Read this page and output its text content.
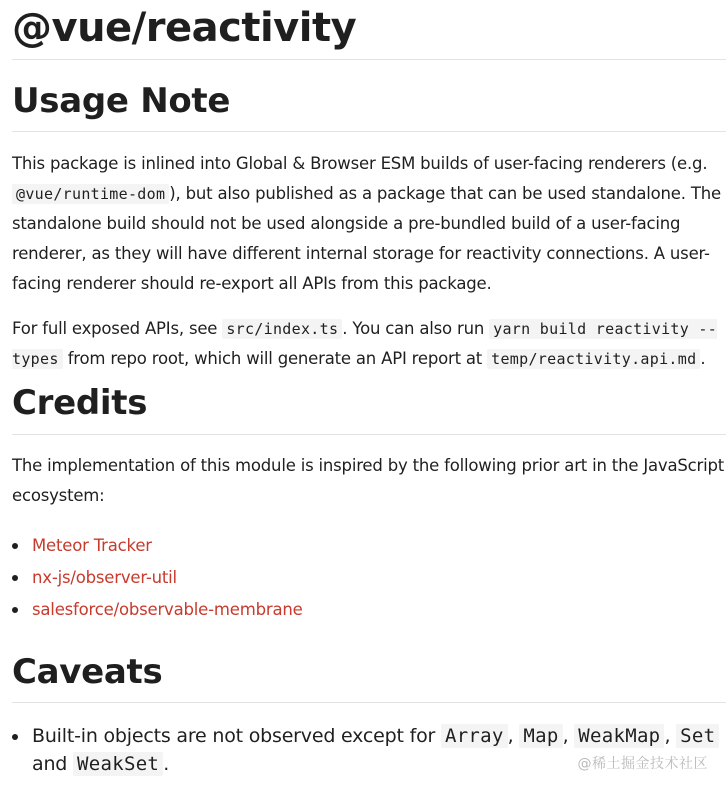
@vue/reactivity
Usage Note

This package is inlined into Global & Browser ESM builds of user-facing renderers (e.g. @vue/runtime-dom ), but also published as a package that can be used standalone. The standalone build should not be used alongside a pre-bundled build of a user-facing renderer, as they will have different internal storage for reactivity connections. A user-facing renderer should re-export all APIs from this package.

For full exposed APIs, see src/index.ts . You can also run yarn build reactivity --types from repo root, which will generate an API report at temp/reactivity.api.md .

Credits

The implementation of this module is inspired by the following prior art in the JavaScript ecosystem:

Meteor Tracker
nx-js/observer-util
salesforce/observable-membrane
Caveats
Built-in objects are not observed except for Array , Map , WeakMap , Set and WeakSet .	@稀土掘金技术社区
